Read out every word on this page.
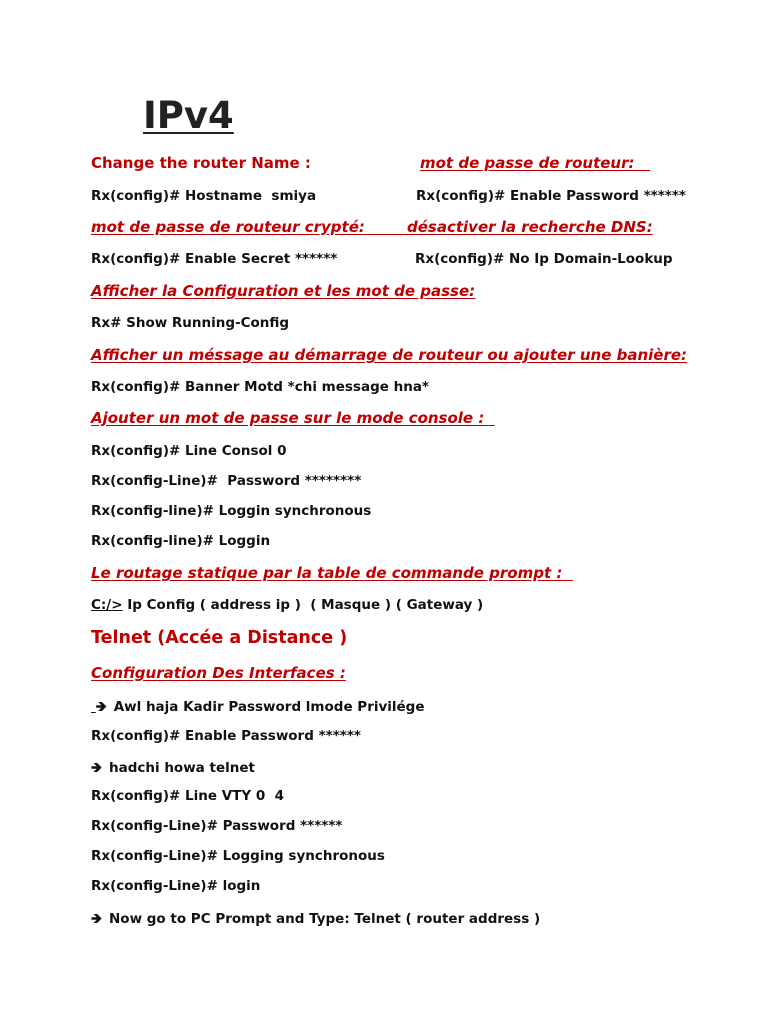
IPv4
Change the router Name :	mot de passe de routeur:
Rx(config)# Hostname  smiya	Rx(config)# Enable Password ******
mot de passe de routeur crypté:	désactiver la recherche DNS:
Rx(config)# Enable Secret ******	Rx(config)# No Ip Domain-Lookup
Afficher la Configuration et les mot de passe:
Rx# Show Running-Config
Afficher un méssage au démarrage de routeur ou ajouter une banière:
Rx(config)# Banner Motd *chi message hna*
Ajouter un mot de passe sur le mode console :
Rx(config)# Line Consol 0
Rx(config-Line)#  Password ********
Rx(config-line)# Loggin synchronous
Rx(config-line)# Loggin
Le routage statique par la table de commande prompt :
C:/> Ip Config ( address ip )  ( Masque ) ( Gateway )
Telnet (Accée a Distance )
Configuration Des Interfaces :
🡺 Awl haja Kadir Password lmode Privilége
Rx(config)# Enable Password ******
🡺 hadchi howa telnet
Rx(config)# Line VTY 0  4
Rx(config-Line)# Password ******
Rx(config-Line)# Logging synchronous
Rx(config-Line)# login
🡺 Now go to PC Prompt and Type: Telnet ( router address )
